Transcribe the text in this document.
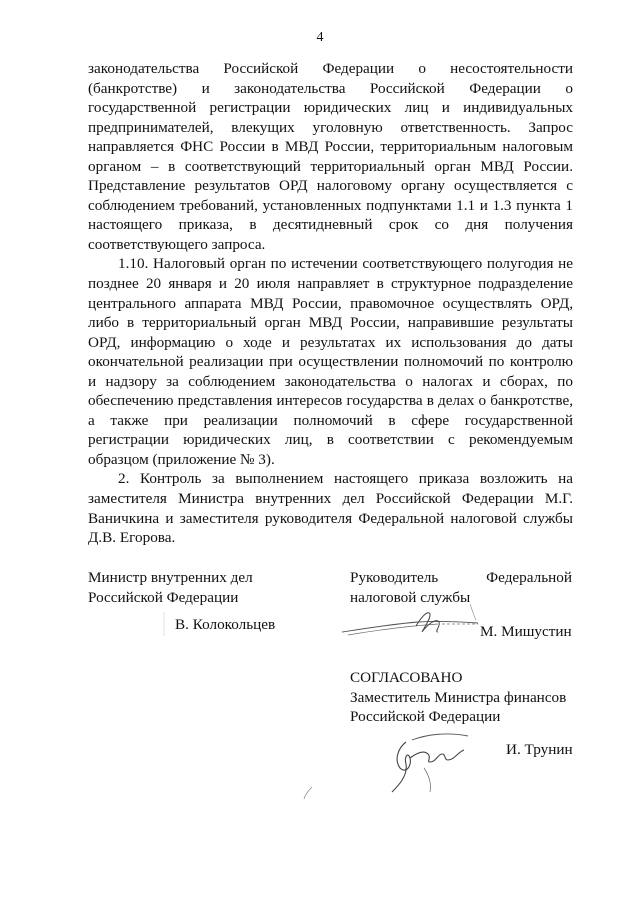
4

законодательства Российской Федерации о несостоятельности (банкротстве) и законодательства Российской Федерации о государственной регистрации юридических лиц и индивидуальных предпринимателей, влекущих уголовную ответственность. Запрос направляется ФНС России в МВД России, территориальным налоговым органом – в соответствующий территориальный орган МВД России. Представление результатов ОРД налоговому органу осуществляется с соблюдением требований, установленных подпунктами 1.1 и 1.3 пункта 1 настоящего приказа, в десятидневный срок со дня получения соответствующего запроса.

1.10. Налоговый орган по истечении соответствующего полугодия не позднее 20 января и 20 июля направляет в структурное подразделение центрального аппарата МВД России, правомочное осуществлять ОРД, либо в территориальный орган МВД России, направившие результаты ОРД, информацию о ходе и результатах их использования до даты окончательной реализации при осуществлении полномочий по контролю и надзору за соблюдением законодательства о налогах и сборах, по обеспечению представления интересов государства в делах о банкротстве, а также при реализации полномочий в сфере государственной регистрации юридических лиц, в соответствии с рекомендуемым образцом (приложение № 3).

2. Контроль за выполнением настоящего приказа возложить на заместителя Министра внутренних дел Российской Федерации М.Г. Ваничкина и заместителя руководителя Федеральной налоговой службы Д.В. Егорова.

Министр внутренних дел
Российской Федерации
В. Колокольцев
Руководитель	Федеральной
налоговой службы
М. Мишустин
СОГЛАСОВАНО
Заместитель Министра финансов
Российской Федерации
И. Трунин
